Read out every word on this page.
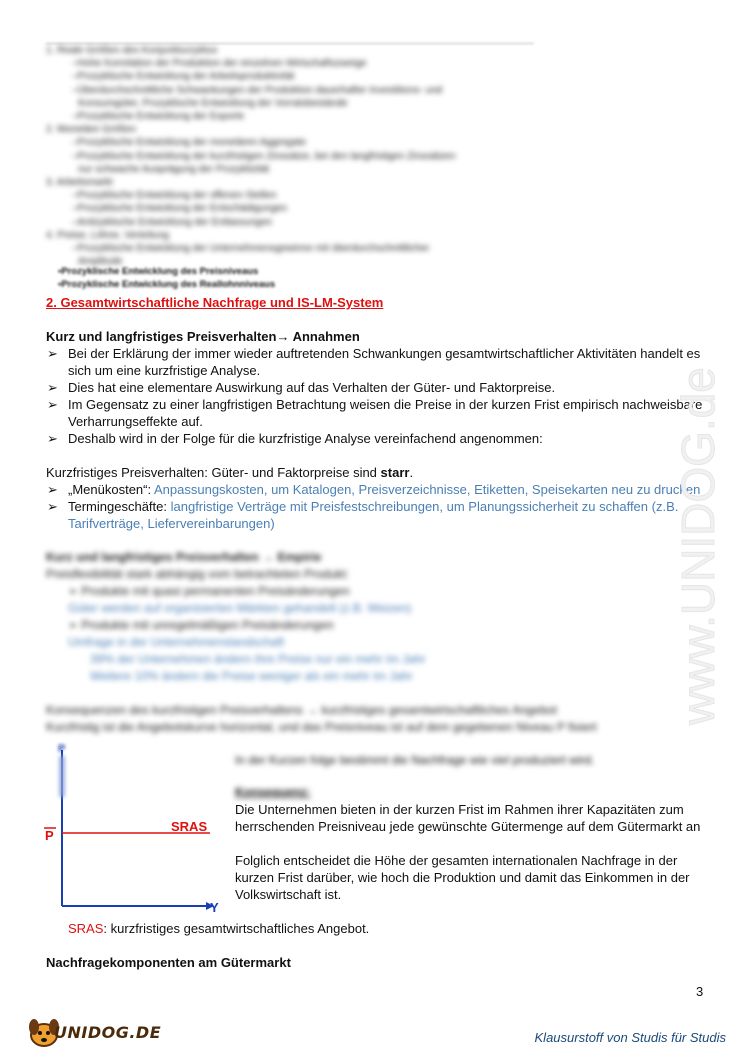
1. Reale Größen des Konjunkturzyklus
–Hohe Korrelation der Produktion der einzelnen Wirtschaftszweige
–Prozyklische Entwicklung der Arbeitsproduktivität
–Überdurchschnittliche Schwankungen der Produktion dauerhafter Investitions- und
Konsumgüter, Prozyklische Entwicklung der Vorratsbestände
–Prozyklische Entwicklung der Exporte
2. Monetäre Größen
–Prozyklische Entwicklung der monetären Aggregate
–Prozyklische Entwicklung der kurzfristigen Zinssätze, bei den langfristigen Zinssätzen
nur schwache Ausprägung der Prozyklizität
3. Arbeitsmarkt
–Prozyklische Entwicklung der offenen Stellen
–Prozyklische Entwicklung der Entschädigungen
–Antizyklische Entwicklung der Entlassungen
4. Preise, Löhne, Verteilung
–Prozyklische Entwicklung der Unternehmensgewinne mit überdurchschnittlicher
Amplitude
•Prozyklische Entwicklung des Preisniveaus
•Prozyklische Entwicklung des Reallohnniveaus
2. Gesamtwirtschaftliche Nachfrage und IS-LM-System
Kurz und langfristiges Preisverhalten→ Annahmen
➢ Bei der Erklärung der immer wieder auftretenden Schwankungen gesamtwirtschaftlicher Aktivitäten handelt es
sich um eine kurzfristige Analyse.
➢ Dies hat eine elementare Auswirkung auf das Verhalten der Güter- und Faktorpreise.
➢ Im Gegensatz zu einer langfristigen Betrachtung weisen die Preise in der kurzen Frist empirisch nachweisbare
Verharrungseffekte auf.
➢ Deshalb wird in der Folge für die kurzfristige Analyse vereinfachend angenommen:
Kurzfristiges Preisverhalten: Güter- und Faktorpreise sind starr.
➢ „Menükosten“: Anpassungskosten, um Katalogen, Preisverzeichnisse, Etiketten, Speisekarten neu zu drucken
➢ Termingeschäfte: langfristige Verträge mit Preisfestschreibungen, um Planungssicherheit zu schaffen (z.B.
Tarifverträge, Liefervereinbarungen)
Kurz und langfristiges Preisverhalten → Empirie
Preisflexibilität stark abhängig vom betrachteten Produkt:
➢ Produkte mit quasi permanenten Preisänderungen
Güter werden auf organisierten Märkten gehandelt (z.B. Weizen)
➢ Produkte mit unregelmäßigen Preisänderungen
Umfrage in der Unternehmenslandschaft
39% der Unternehmen ändern ihre Preise nur ein mehr im Jahr
Weitere 10% ändern die Preise weniger als ein mehr im Jahr
Konsequenzen des kurzfristigen Preisverhaltens → kurzfristiges gesamtwirtschaftliches Angebot
Kurzfristig ist die Angebotskurve horizontal, und das Preisniveau ist auf dem gegebenen Niveau P fixiert
In der Kurzen folge bestimmt die Nachfrage wie viel produziert wird.
Konsequenz:
P
Y
P
SRAS
Die Unternehmen bieten in der kurzen Frist im Rahmen ihrer Kapazitäten zum
herrschenden Preisniveau jede gewünschte Gütermenge auf dem Gütermarkt an
Folglich entscheidet die Höhe der gesamten internationalen Nachfrage in der
kurzen Frist darüber, wie hoch die Produktion und damit das Einkommen in der
Volkswirtschaft ist.
SRAS: kurzfristiges gesamtwirtschaftliches Angebot.
Nachfragekomponenten am Gütermarkt
3
www.UNIDOG.de
UNIDOG.DE	Klausurstoff von Studis für Studis
